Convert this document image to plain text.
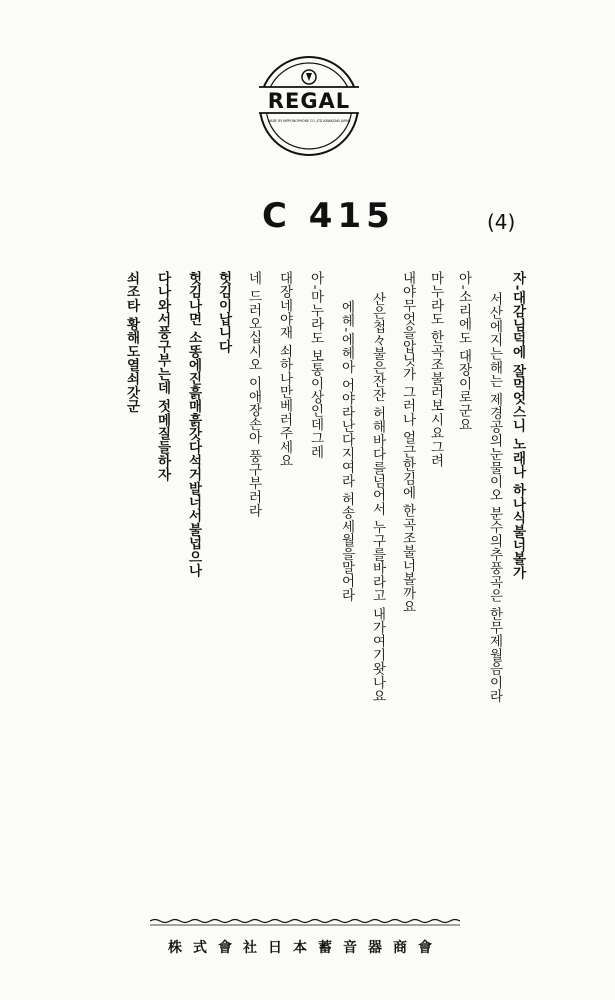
REGAL
MADE BY NIPPONOPHONE CO.,LTD KAWASAKI JAPAN
C 415	(4)
자-대감님덕에 잘먹엇스니 노래나 하나식불너볼가
서산에지는해는 제경공의눈물이오 분수의추풍곡은 한무제월음이라
아-소리에도 대장이로군요
마누라도 한곡조불러보시요그려
내야무엇을압닛가 그러나 얼근한김에 한곡조불너볼까요
산은첩々불은잔잔 허해바다를넘어서 누구를바라고 내가여기왓나요
에헤-에헤아 어야라난다지여라 허송세월을말어라
아-마누라도 보통이상인데그레
대장네야재 쇠하나만베러주세요
네 드러오십시오 이애장손아 풍구부러라
헛김이납니다
헛김나면 소똥에진흙매흙갓다석거발너서불넙으나
다나와서풍구부는데 젓메질들하자
쇠조타 황해도열쇠갓군
株式會社日本蓄音器商會
